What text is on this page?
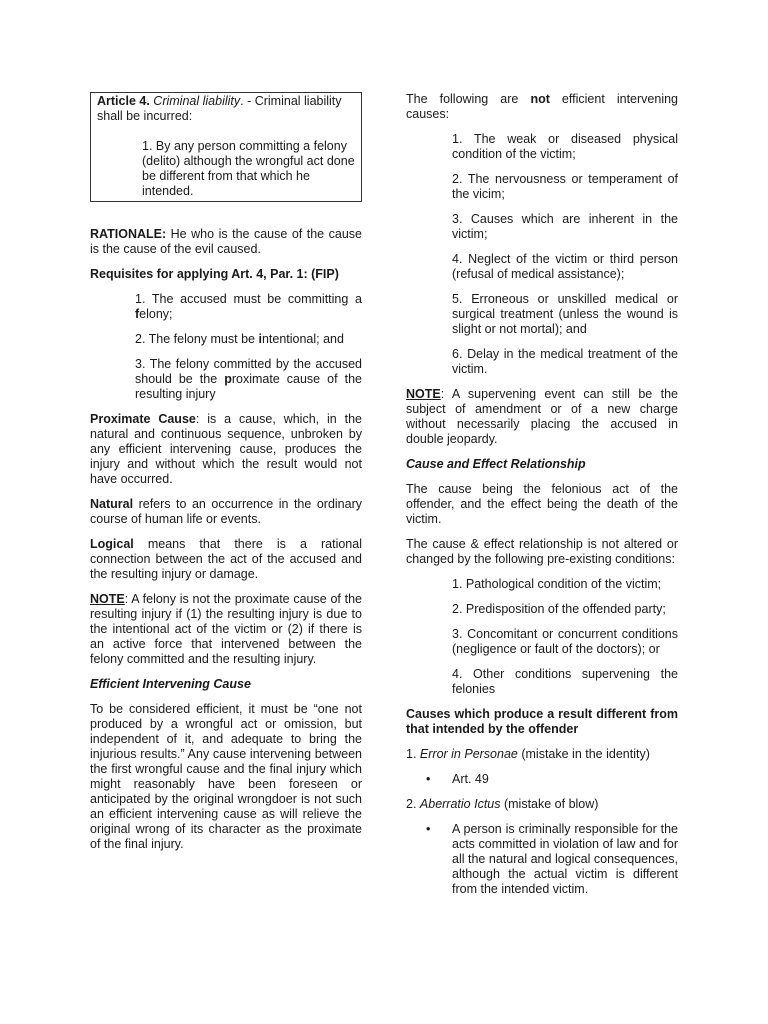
Article 4. Criminal liability. - Criminal liability shall be incurred:

1. By any person committing a felony (delito) although the wrongful act done be different from that which he intended.

RATIONALE: He who is the cause of the cause is the cause of the evil caused.

Requisites for applying Art. 4, Par. 1: (FIP)

1. The accused must be committing a felony;

2. The felony must be intentional; and

3. The felony committed by the accused should be the proximate cause of the resulting injury

Proximate Cause: is a cause, which, in the natural and continuous sequence, unbroken by any efficient intervening cause, produces the injury and without which the result would not have occurred.

Natural refers to an occurrence in the ordinary course of human life or events.

Logical means that there is a rational connection between the act of the accused and the resulting injury or damage.

NOTE: A felony is not the proximate cause of the resulting injury if (1) the resulting injury is due to the intentional act of the victim or (2) if there is an active force that intervened between the felony committed and the resulting injury.

Efficient Intervening Cause

To be considered efficient, it must be “one not produced by a wrongful act or omission, but independent of it, and adequate to bring the injurious results.” Any cause intervening between the first wrongful cause and the final injury which might reasonably have been foreseen or anticipated by the original wrongdoer is not such an efficient intervening cause as will relieve the original wrong of its character as the proximate of the final injury.

The following are not efficient intervening causes:

1. The weak or diseased physical condition of the victim;

2. The nervousness or temperament of the vicim;

3. Causes which are inherent in the victim;

4. Neglect of the victim or third person (refusal of medical assistance);

5. Erroneous or unskilled medical or surgical treatment (unless the wound is slight or not mortal); and

6. Delay in the medical treatment of the victim.

NOTE: A supervening event can still be the subject of amendment or of a new charge without necessarily placing the accused in double jeopardy.

Cause and Effect Relationship

The cause being the felonious act of the offender, and the effect being the death of the victim.

The cause & effect relationship is not altered or changed by the following pre-existing conditions:

1. Pathological condition of the victim;

2. Predisposition of the offended party;

3. Concomitant or concurrent conditions (negligence or fault of the doctors); or

4. Other conditions supervening the felonies

Causes which produce a result different from that intended by the offender

1. Error in Personae (mistake in the identity)

•	Art. 49

2. Aberratio Ictus (mistake of blow)

•	A person is criminally responsible for the acts committed in violation of law and for all the natural and logical consequences, although the actual victim is different from the intended victim.
